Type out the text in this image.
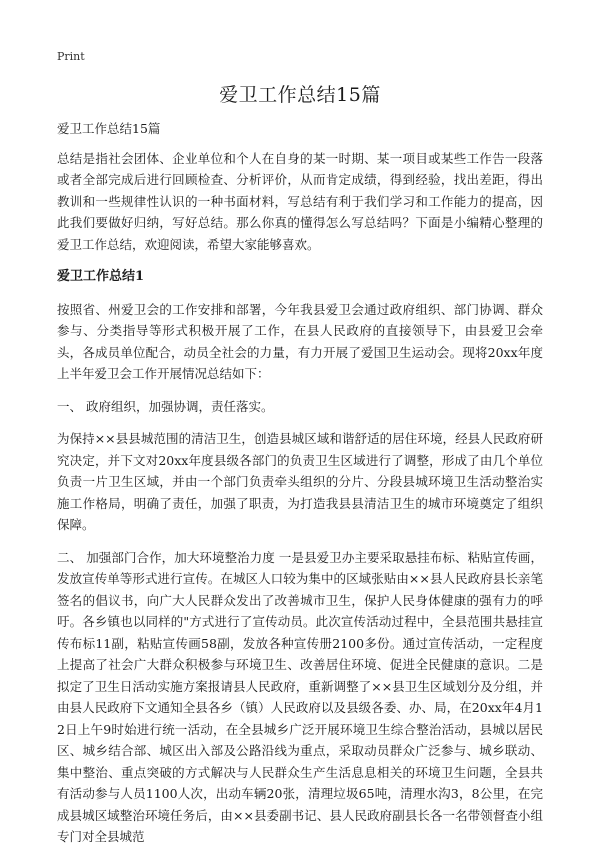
Print
爱卫工作总结15篇

爱卫工作总结15篇

总结是指社会团体、企业单位和个人在自身的某一时期、某一项目或某些工作告一段落或者全部完成后进行回顾检查、分析评价，从而肯定成绩，得到经验，找出差距，得出教训和一些规律性认识的一种书面材料，写总结有利于我们学习和工作能力的提高，因此我们要做好归纳，写好总结。那么你真的懂得怎么写总结吗？下面是小编精心整理的爱卫工作总结，欢迎阅读，希望大家能够喜欢。

爱卫工作总结1

按照省、州爱卫会的工作安排和部署，今年我县爱卫会通过政府组织、部门协调、群众参与、分类指导等形式积极开展了工作，在县人民政府的直接领导下，由县爱卫会牵头，各成员单位配合，动员全社会的力量，有力开展了爱国卫生运动会。现将20xx年度上半年爱卫会工作开展情况总结如下：

一、 政府组织，加强协调，责任落实。

为保持××县县城范围的清洁卫生，创造县城区域和谐舒适的居住环境，经县人民政府研究决定，并下文对20xx年度县级各部门的负责卫生区域进行了调整，形成了由几个单位负责一片卫生区域，并由一个部门负责牵头组织的分片、分段县城环境卫生活动整治实施工作格局，明确了责任，加强了职责，为打造我县县清洁卫生的城市环境奠定了组织保障。

二、 加强部门合作，加大环境整治力度 一是县爱卫办主要采取悬挂布标、粘贴宣传画，发放宣传单等形式进行宣传。在城区人口较为集中的区域张贴由××县人民政府县长亲笔签名的倡议书，向广大人民群众发出了改善城市卫生，保护人民身体健康的强有力的呼吁。各乡镇也以同样的"方式进行了宣传动员。此次宣传活动过程中，全县范围共悬挂宣传布标11副，粘贴宣传画58副，发放各种宣传册2100多份。通过宣传活动，一定程度上提高了社会广大群众积极参与环境卫生、改善居住环境、促进全民健康的意识。二是拟定了卫生日活动实施方案报请县人民政府，重新调整了××县卫生区域划分及分组，并由县人民政府下文通知全县各乡（镇）人民政府以及县级各委、办、局，在20xx年4月12日上午9时始进行统一活动，在全县城乡广泛开展环境卫生综合整治活动，县城以居民区、城乡结合部、城区出入部及公路沿线为重点，采取动员群众广泛参与、城乡联动、集中整治、重点突破的方式解决与人民群众生产生活息息相关的环境卫生问题，全县共有活动参与人员1100人次，出动车辆20张，清理垃圾65吨，清理水沟3，8公里，在完成县城区域整治环境任务后，由××县委副书记、县人民政府副县长各一名带领督查小组专门对全县城范
